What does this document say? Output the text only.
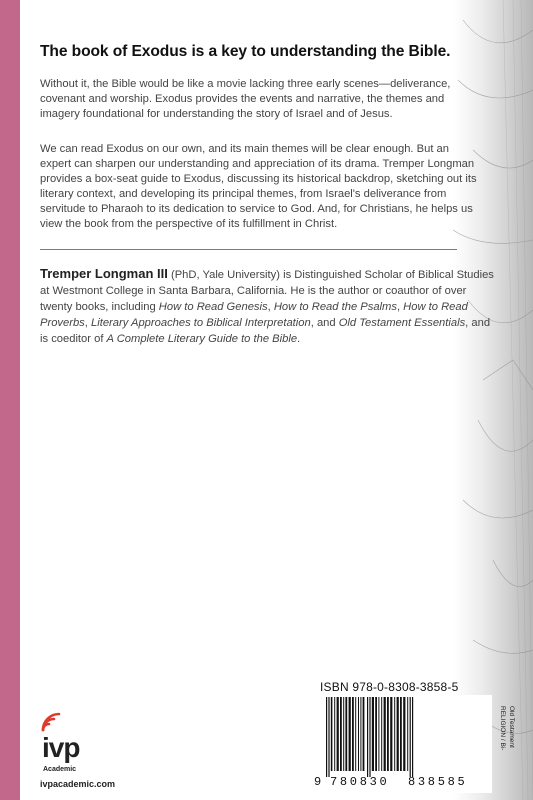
The book of Exodus is a key to understanding the Bible.

Without it, the Bible would be like a movie lacking three early scenes—deliverance, covenant and worship. Exodus provides the events and narrative, the themes and imagery foundational for understanding the story of Israel and of Jesus.

We can read Exodus on our own, and its main themes will be clear enough. But an expert can sharpen our understanding and appreciation of its drama. Tremper Longman provides a box-seat guide to Exodus, discussing its historical backdrop, sketching out its literary context, and developing its principal themes, from Israel's deliverance from servitude to Pharaoh to its dedication to service to God. And, for Christians, he helps us view the book from the perspective of its fulfillment in Christ.

Tremper Longman III (PhD, Yale University) is Distinguished Scholar of Biblical Studies at Westmont College in Santa Barbara, California. He is the author or coauthor of over twenty books, including How to Read Genesis, How to Read the Psalms, How to Read Proverbs, Literary Approaches to Biblical Interpretation, and Old Testament Essentials, and is coeditor of A Complete Literary Guide to the Bible.

ivp
Academic
ivpacademic.com
ISBN 978-0-8308-3858-5
9 780830 838585
RELIGION / Bi- Old Testament
